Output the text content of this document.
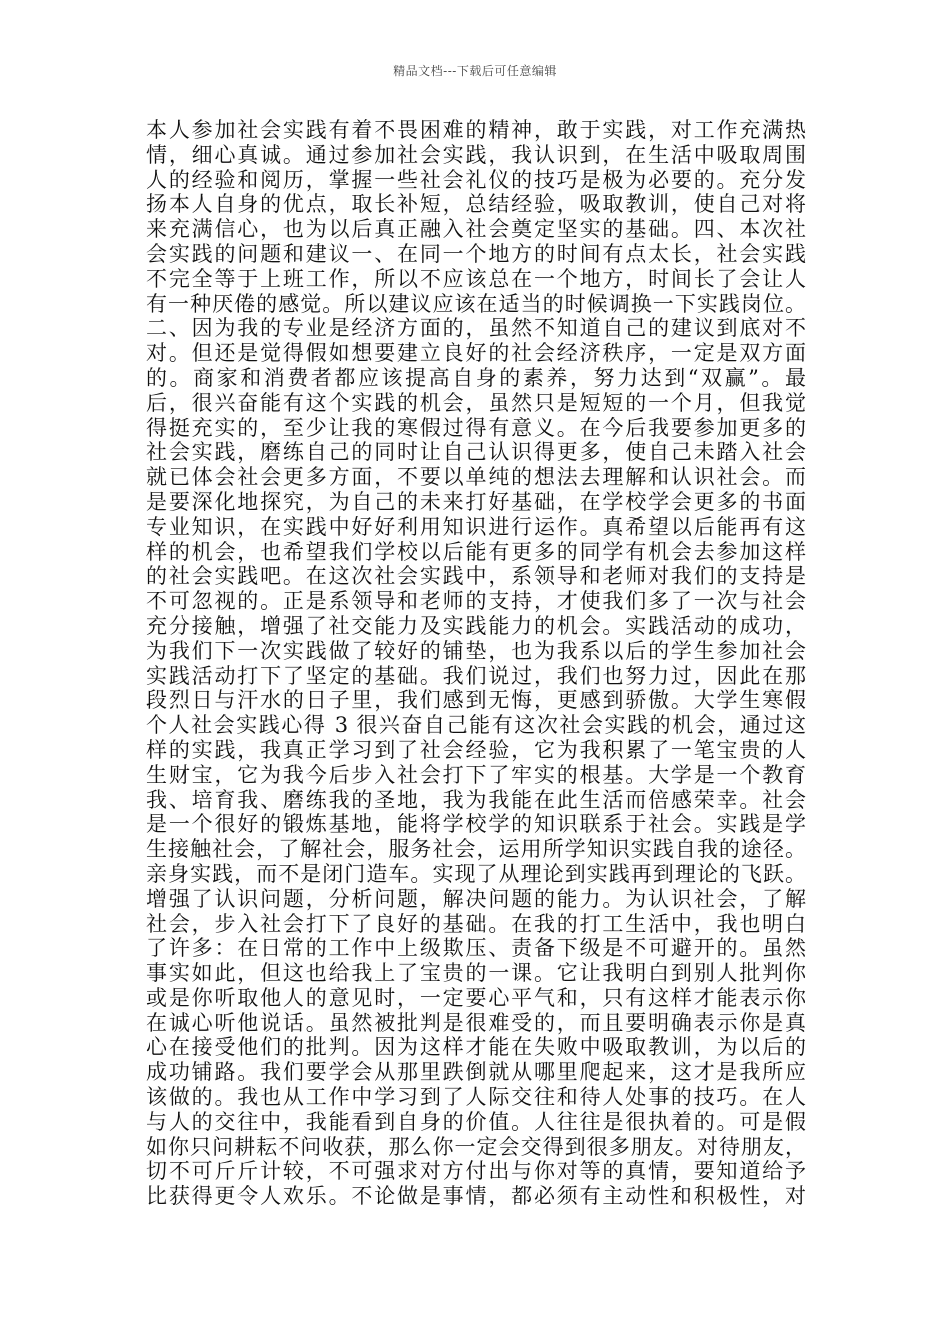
精品文档---下载后可任意编辑
本人参加社会实践有着不畏困难的精神，敢于实践，对工作充满热
情，细心真诚。通过参加社会实践，我认识到，在生活中吸取周围
人的经验和阅历，掌握一些社会礼仪的技巧是极为必要的。充分发
扬本人自身的优点，取长补短，总结经验，吸取教训，使自己对将
来充满信心，也为以后真正融入社会奠定坚实的基础。四、本次社
会实践的问题和建议一、在同一个地方的时间有点太长，社会实践
不完全等于上班工作，所以不应该总在一个地方，时间长了会让人
有一种厌倦的感觉。所以建议应该在适当的时候调换一下实践岗位。
二、因为我的专业是经济方面的，虽然不知道自己的建议到底对不
对。但还是觉得假如想要建立良好的社会经济秩序，一定是双方面
的。商家和消费者都应该提高自身的素养，努力达到“双赢”。最
后，很兴奋能有这个实践的机会，虽然只是短短的一个月，但我觉
得挺充实的，至少让我的寒假过得有意义。在今后我要参加更多的
社会实践，磨练自己的同时让自己认识得更多，使自己未踏入社会
就已体会社会更多方面，不要以单纯的想法去理解和认识社会。而
是要深化地探究，为自己的未来打好基础，在学校学会更多的书面
专业知识，在实践中好好利用知识进行运作。真希望以后能再有这
样的机会，也希望我们学校以后能有更多的同学有机会去参加这样
的社会实践吧。在这次社会实践中，系领导和老师对我们的支持是
不可忽视的。正是系领导和老师的支持，才使我们多了一次与社会
充分接触，增强了社交能力及实践能力的机会。实践活动的成功，
为我们下一次实践做了较好的铺垫，也为我系以后的学生参加社会
实践活动打下了坚定的基础。我们说过，我们也努力过，因此在那
段烈日与汗水的日子里，我们感到无悔，更感到骄傲。大学生寒假
个人社会实践心得 3 很兴奋自己能有这次社会实践的机会，通过这
样的实践，我真正学习到了社会经验，它为我积累了一笔宝贵的人
生财宝，它为我今后步入社会打下了牢实的根基。大学是一个教育
我、培育我、磨练我的圣地，我为我能在此生活而倍感荣幸。社会
是一个很好的锻炼基地，能将学校学的知识联系于社会。实践是学
生接触社会，了解社会，服务社会，运用所学知识实践自我的途径。
亲身实践，而不是闭门造车。实现了从理论到实践再到理论的飞跃。
增强了认识问题，分析问题，解决问题的能力。为认识社会，了解
社会，步入社会打下了良好的基础。在我的打工生活中，我也明白
了许多：在日常的工作中上级欺压、责备下级是不可避开的。虽然
事实如此，但这也给我上了宝贵的一课。它让我明白到别人批判你
或是你听取他人的意见时，一定要心平气和，只有这样才能表示你
在诚心听他说话。虽然被批判是很难受的，而且要明确表示你是真
心在接受他们的批判。因为这样才能在失败中吸取教训，为以后的
成功铺路。我们要学会从那里跌倒就从哪里爬起来，这才是我所应
该做的。我也从工作中学习到了人际交往和待人处事的技巧。在人
与人的交往中，我能看到自身的价值。人往往是很执着的。可是假
如你只问耕耘不问收获，那么你一定会交得到很多朋友。对待朋友，
切不可斤斤计较，不可强求对方付出与你对等的真情，要知道给予
比获得更令人欢乐。不论做是事情，都必须有主动性和积极性，对
